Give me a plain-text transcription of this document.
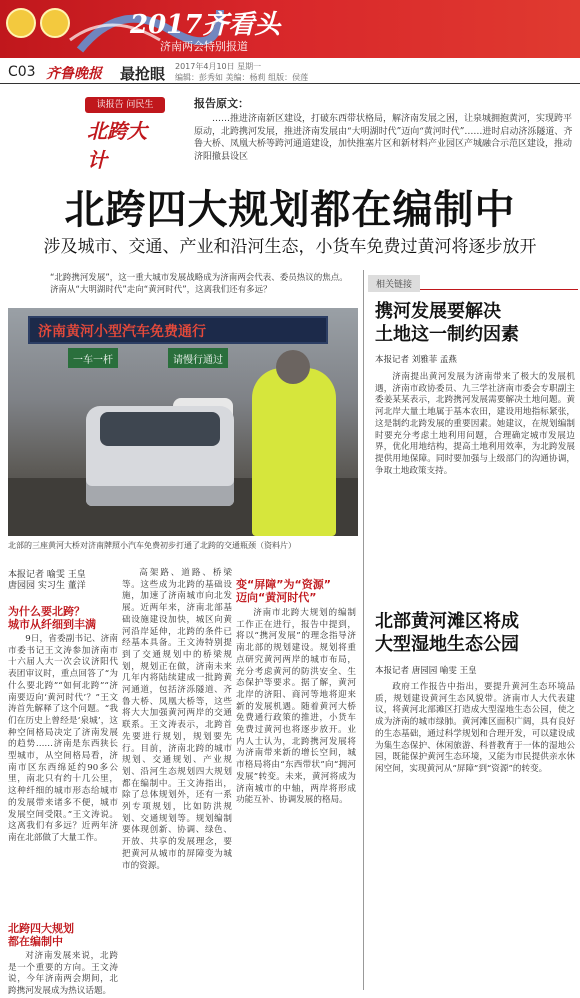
2017齐看头
济南两会特别报道
C03 齐鲁晚报 最抢眼 2017年4月10日 星期一
编辑：彭秀如 美编：杨莉 组版：侯莲
读报告 问民生
北跨大计
报告原文：
……推进济南新区建设，打破东西带状格局，解济南发展之困，让泉城拥抱黄河，实现跨平原动，北跨携河发展，推进济南发展由“大明湖时代”迈向“黄河时代”……进时启动济泺隧道、齐鲁大桥、凤凰大桥等跨河通道建设，加快推塞片区和新材料产业园区产城融合示范区建设，推动济阳撤县设区
北跨四大规划都在编制中
涉及城市、交通、产业和沿河生态，小货车免费过黄河将逐步放开
“北跨携河发展”，这一重大城市发展战略成为济南两会代表、委员热议的焦点。济南从“大明湖时代”走向“黄河时代”，这离我们还有多远？
济南黄河小型汽车免费通行
一车一杆	请慢行通过
北部的三座黄河大桥对济南牌照小汽车免费初步打通了北跨的交通瓶颈（资料片）
本报记者 喻雯 王皇
唐园园 实习生 董洋
为什么要北跨？
城市从纤细到丰满

9日，省委副书记、济南市委书记王文涛参加济南市十六届人大一次会议济阳代表团审议时，重点回答了“为什么要北跨”“如何北跨”“济南要迈向‘黄河时代’？”王文涛首先解释了这个问题。“我们在历史上曾经是‘泉城’，这种空间格局决定了济南发展的趋势……济南是东西狭长型城市，从空间格局看，济南市区东西绵延约90多公里，南北只有约十几公里，这种纤细的城市形态给城市的发展带来诸多不便，城市发展空间受限。”王文涛说。这离我们有多远？近两年济南在北部做了大量工作。

北跨四大规划
都在编制中

对济南发展来说，北跨是一个重要的方向。王文涛说，今年济南两会期间，北跨携河发展成为热议话题。

高架路、道路、桥梁等。这些成为北跨的基础设施，加速了济南城市向北发展。近两年来，济南北部基础设施建设加快，城区向黄河沿岸延伸，北跨的条件已经基本具备。王文涛特别提到了交通规划中的桥梁规划，规划正在做，济南未来几年内将陆续建成一批跨黄河通道，包括济泺隧道、齐鲁大桥、凤凰大桥等，这些将大大加强黄河两岸的交通联系。王文涛表示，北跨首先要进行规划，规划要先行。目前，济南北跨的城市规划、交通规划、产业规划、沿河生态规划四大规划都在编制中。王文涛指出，除了总体规划外，还有一系列专项规划，比如防洪规划、交通规划等。规划编制要体现创新、协调、绿色、开放、共享的发展理念，要把黄河从城市的屏障变为城市的资源。

变“屏障”为“资源”
迈向“黄河时代”

济南市北跨大规划的编制工作正在进行，报告中提到，将以“携河发展”的理念指导济南北部的规划建设。规划将重点研究黄河两岸的城市布局，充分考虑黄河的防洪安全、生态保护等要求。据了解，黄河北岸的济阳、商河等地将迎来新的发展机遇。随着黄河大桥免费通行政策的推进，小货车免费过黄河也将逐步放开。业内人士认为，北跨携河发展将为济南带来新的增长空间，城市格局将由“东西带状”向“拥河发展”转变。未来，黄河将成为济南城市的中轴，两岸将形成功能互补、协调发展的格局。

相关链接
携河发展要解决
土地这一制约因素
本报记者 刘雅菲 孟燕

济南提出黄河发展为济南带来了极大的发展机遇，济南市政协委员、九三学社济南市委会专职副主委姜某某表示，北跨携河发展需要解决土地问题。黄河北岸大量土地属于基本农田，建设用地指标紧张，这是制约北跨发展的重要因素。她建议，在规划编制时要充分考虑土地利用问题，合理确定城市发展边界，优化用地结构，提高土地利用效率，为北跨发展提供用地保障。同时要加强与上级部门的沟通协调，争取土地政策支持。

北部黄河滩区将成
大型湿地生态公园
本报记者 唐园园 喻雯 王皇

政府工作报告中指出，要提升黄河生态环境品质，规划建设黄河生态风貌带。济南市人大代表建议，将黄河北部滩区打造成大型湿地生态公园，使之成为济南的城市绿肺。黄河滩区面积广阔，具有良好的生态基础，通过科学规划和合理开发，可以建设成为集生态保护、休闲旅游、科普教育于一体的湿地公园，既能保护黄河生态环境，又能为市民提供亲水休闲空间，实现黄河从“屏障”到“资源”的转变。
